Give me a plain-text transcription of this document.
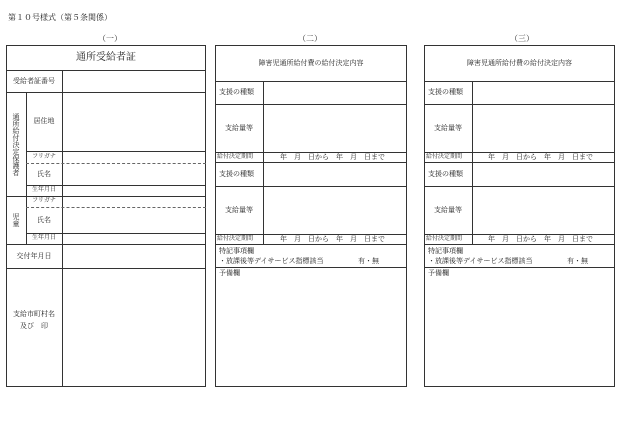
第１０号様式（第５条関係）
（一）	（二）	（三）
通所受給者証
受給者証番号
通所給付決定保護者	居住地
フリガナ
氏名
生年月日
児童
フリガナ
氏名
生年月日
交付年月日
支給市町村名
及び　印
障害児通所給付費の給付決定内容
支援の種類
支給量等
給付決定期間	年　月　日から　年　月　日まで
支援の種類
支給量等
給付決定期間	年　月　日から　年　月　日まで
特記事項欄
・放課後等デイサービス指標該当	有・無
予備欄
障害児通所給付費の給付決定内容
支援の種類
支給量等
給付決定期間	年　月　日から　年　月　日まで
支援の種類
支給量等
給付決定期間	年　月　日から　年　月　日まで
特記事項欄
・放課後等デイサービス指標該当	有・無
予備欄
